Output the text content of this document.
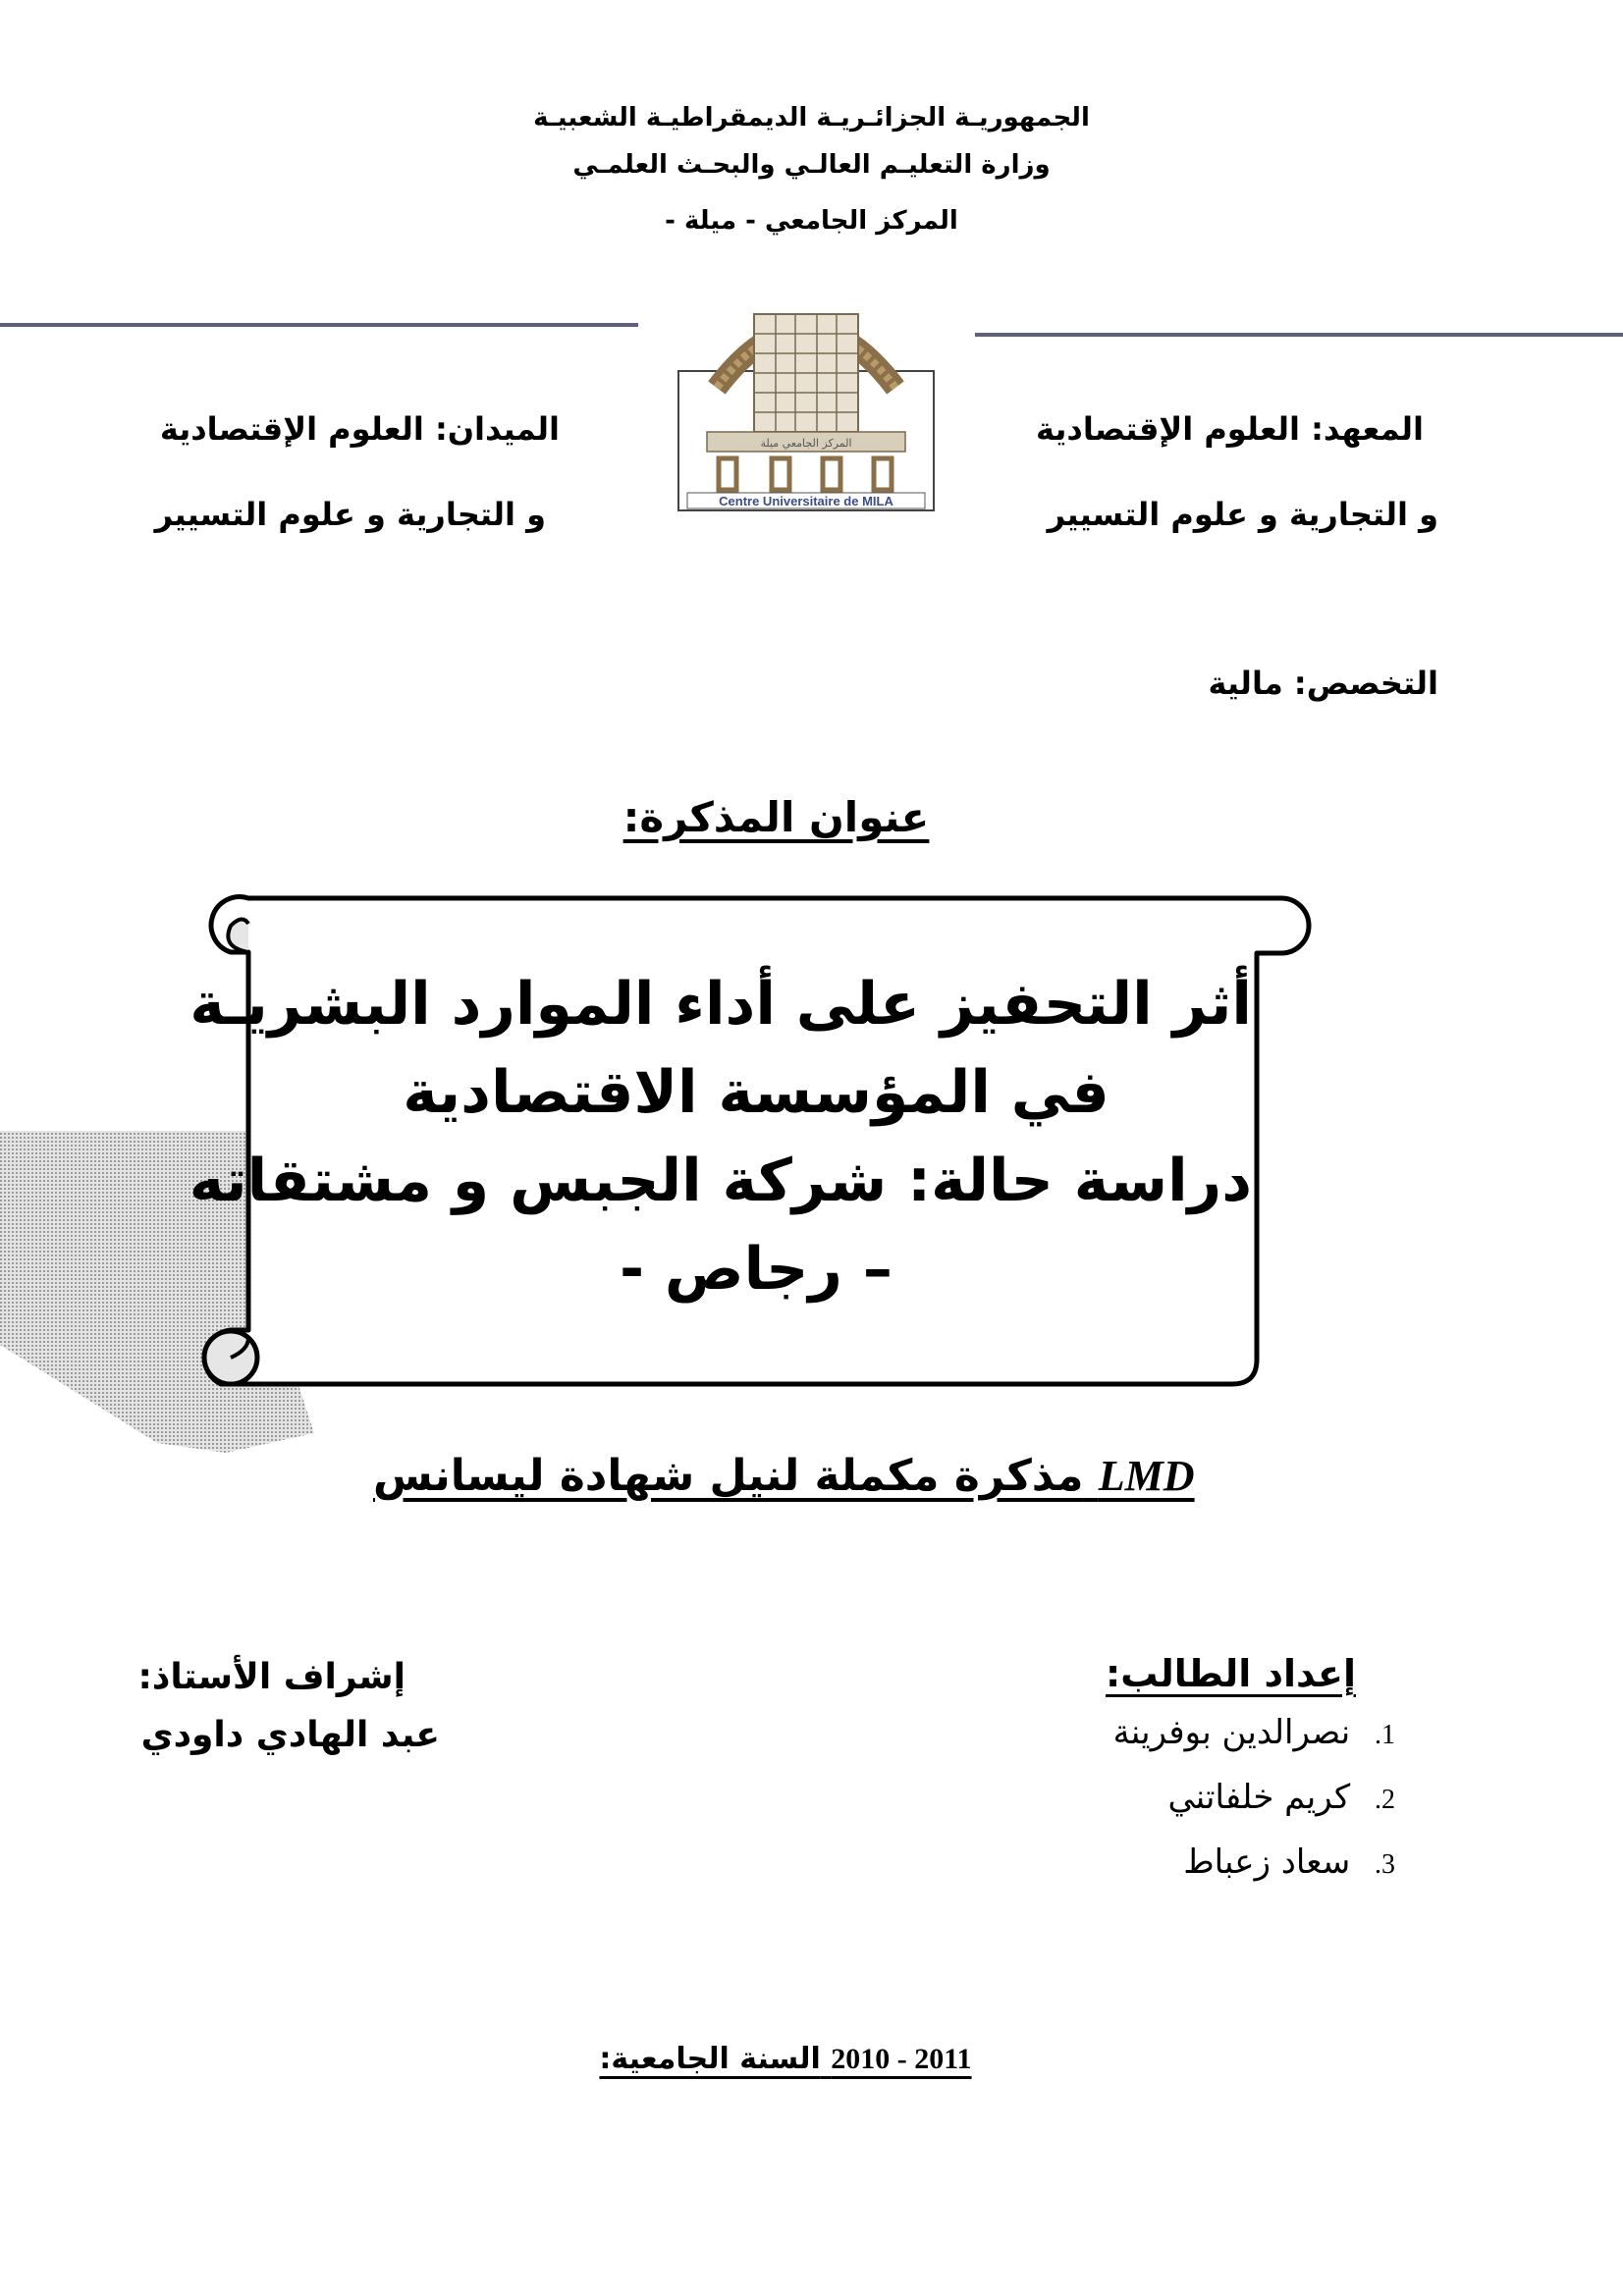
الجمهوريـة الجزائـريـة الديمقراطيـة الشعبيـة
وزارة التعليـم العالـي والبحـث العلمـي
المركز الجامعي - ميلة -
المركز الجامعي ميلة
Centre Universitaire de MILA
المعهد: العلوم الإقتصادية
و التجارية و علوم التسيير
الميدان: العلوم الإقتصادية
و التجارية و علوم التسيير
التخصص: مالية
عنوان المذكرة:
أثر التحفيز على أداء الموارد البشريـة
في المؤسسة الاقتصادية
دراسة حالة: شركة الجبس و مشتقاته
– رجاص -
مذكرة مكملة لنيل شهادة ليسانس LMD
إعداد الطالب:
1. نصرالدين بوفرينة
2. كريم خلفاتني
3. سعاد زعباط
إشراف الأستاذ:
عبد الهادي داودي
السنة الجامعية: 2010 - 2011
